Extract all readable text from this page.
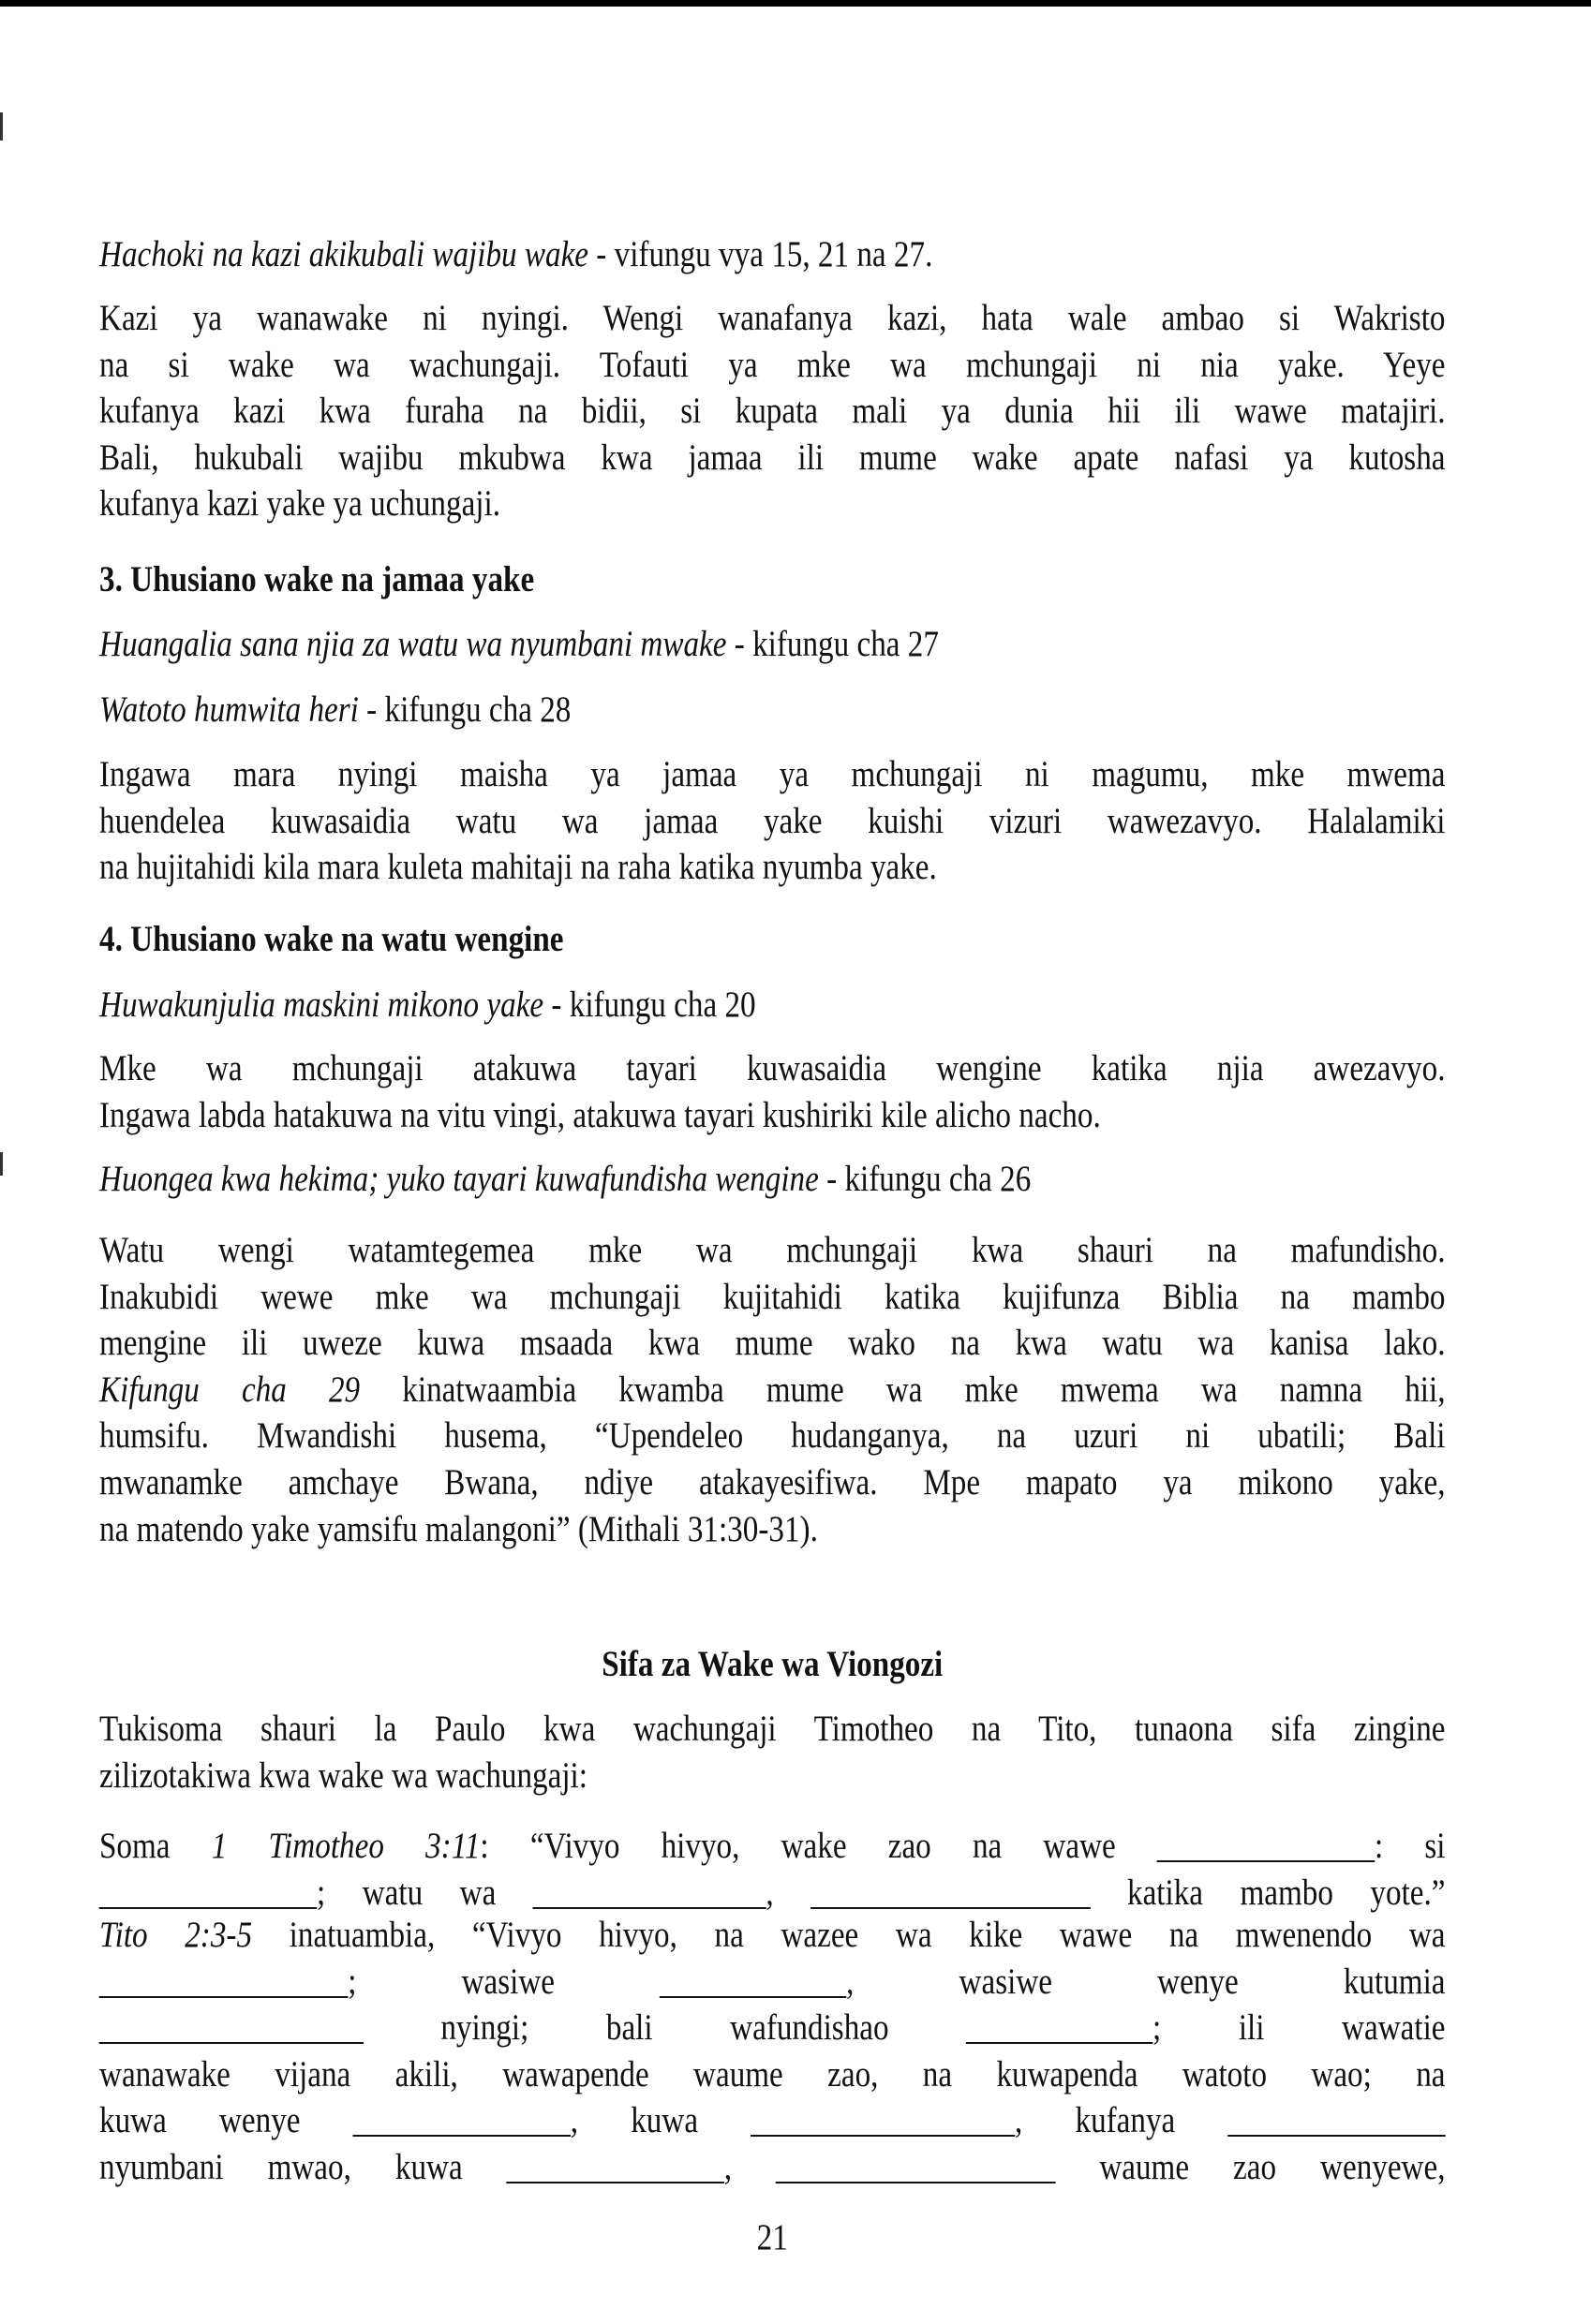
Hachoki na kazi akikubali wajibu wake - vifungu vya 15, 21 na 27.
Kazi ya wanawake ni nyingi. Wengi wanafanya kazi, hata wale ambao si Wakristo
na si wake wa wachungaji. Tofauti ya mke wa mchungaji ni nia yake. Yeye
kufanya kazi kwa furaha na bidii, si kupata mali ya dunia hii ili wawe matajiri.
Bali, hukubali wajibu mkubwa kwa jamaa ili mume wake apate nafasi ya kutosha
kufanya kazi yake ya uchungaji.
3. Uhusiano wake na jamaa yake
Huangalia sana njia za watu wa nyumbani mwake - kifungu cha 27
Watoto humwita heri - kifungu cha 28
Ingawa mara nyingi maisha ya jamaa ya mchungaji ni magumu, mke mwema
huendelea kuwasaidia watu wa jamaa yake kuishi vizuri wawezavyo. Halalamiki
na hujitahidi kila mara kuleta mahitaji na raha katika nyumba yake.
4. Uhusiano wake na watu wengine
Huwakunjulia maskini mikono yake - kifungu cha 20
Mke wa mchungaji atakuwa tayari kuwasaidia wengine katika njia awezavyo.
Ingawa labda hatakuwa na vitu vingi, atakuwa tayari kushiriki kile alicho nacho.
Huongea kwa hekima; yuko tayari kuwafundisha wengine - kifungu cha 26
Watu wengi watamtegemea mke wa mchungaji kwa shauri na mafundisho.
Inakubidi wewe mke wa mchungaji kujitahidi katika kujifunza Biblia na mambo
mengine ili uweze kuwa msaada kwa mume wako na kwa watu wa kanisa lako.
Kifungu cha 29 kinatwaambia kwamba mume wa mke mwema wa namna hii,
humsifu. Mwandishi husema, “Upendeleo hudanganya, na uzuri ni ubatili; Bali
mwanamke amchaye Bwana, ndiye atakayesifiwa. Mpe mapato ya mikono yake,
na matendo yake yamsifu malangoni” (Mithali 31:30-31).
Sifa za Wake wa Viongozi
Tukisoma shauri la Paulo kwa wachungaji Timotheo na Tito, tunaona sifa zingine
zilizotakiwa kwa wake wa wachungaji:
Soma 1 Timotheo 3:11: “Vivyo hivyo, wake zao na wawe ______________: si
______________; watu wa _______________, __________________ katika mambo yote.”
Tito 2:3-5 inatuambia, “Vivyo hivyo, na wazee wa kike wawe na mwenendo wa
________________; wasiwe ____________, wasiwe wenye kutumia
_________________ nyingi; bali wafundishao ____________; ili wawatie
wanawake vijana akili, wawapende waume zao, na kuwapenda watoto wao; na
kuwa wenye ______________, kuwa _________________, kufanya ______________
nyumbani mwao, kuwa ______________, __________________ waume zao wenyewe,
21
